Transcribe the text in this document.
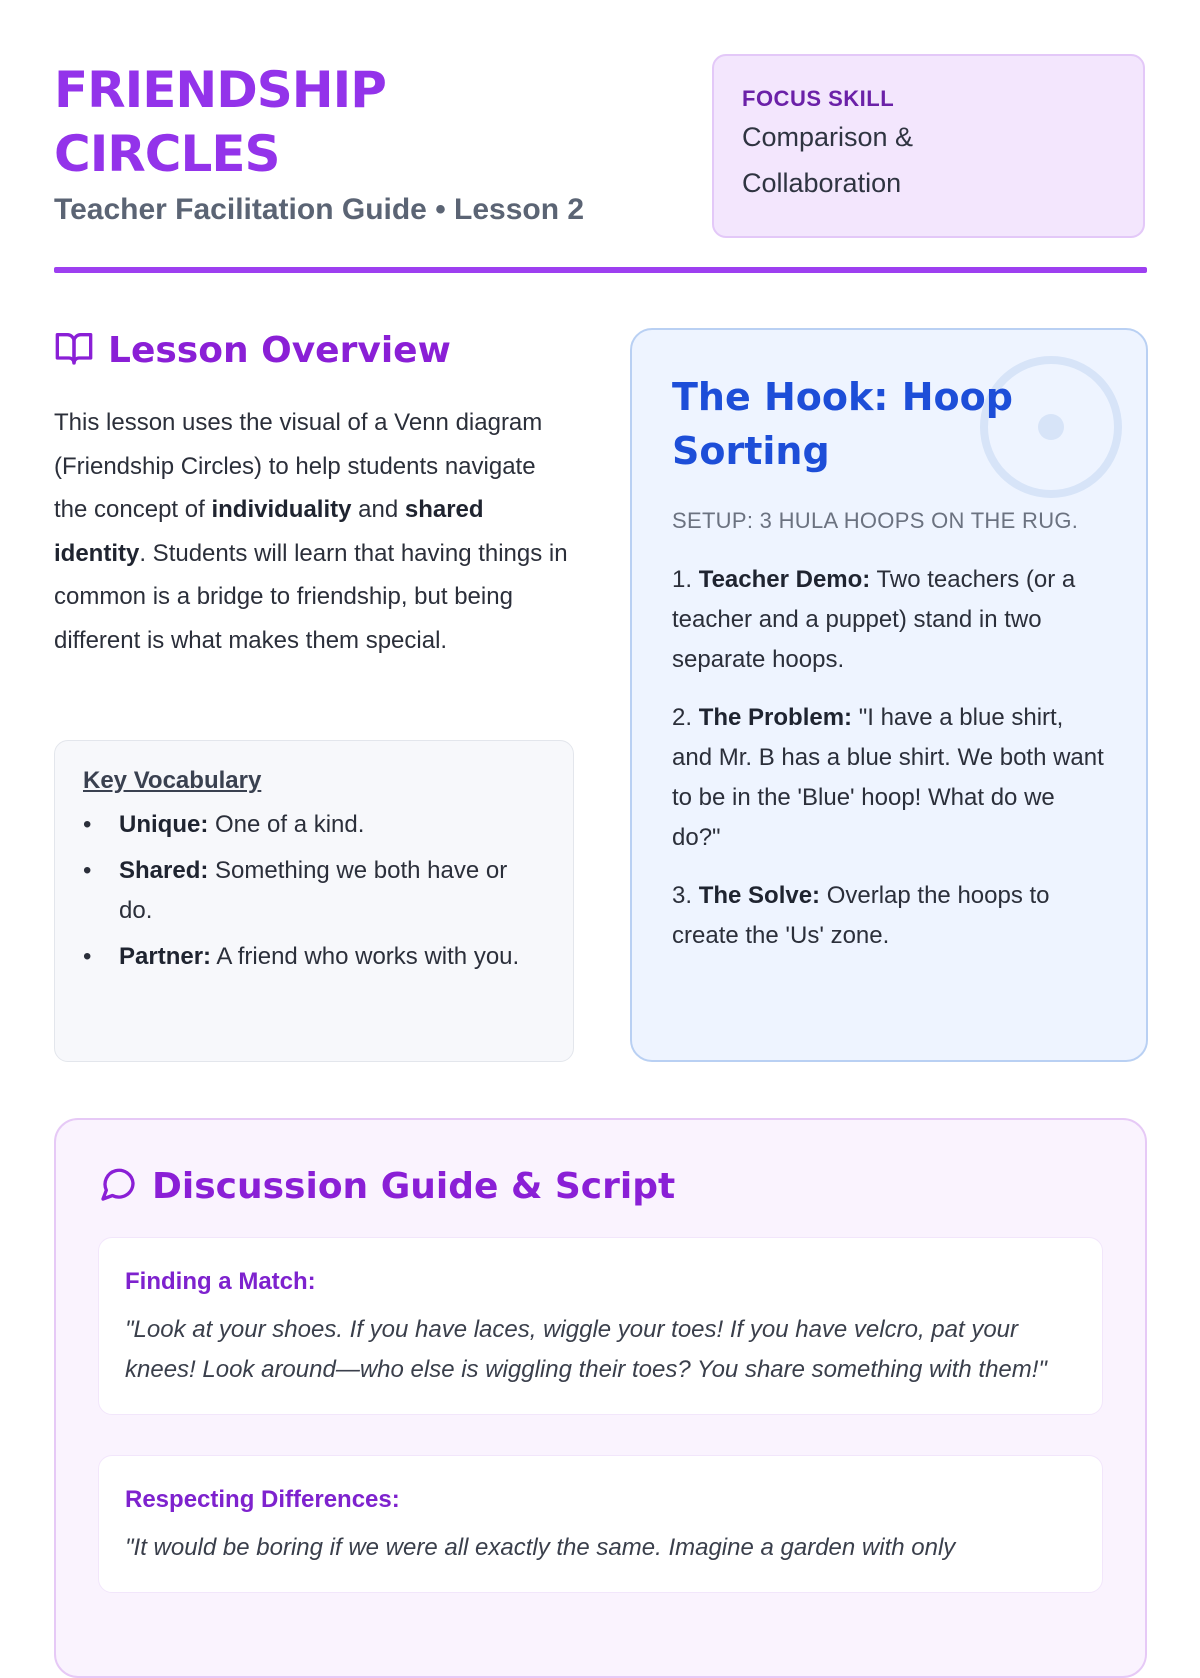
FRIENDSHIP CIRCLES
Teacher Facilitation Guide • Lesson 2
FOCUS SKILL
Comparison & Collaboration
Lesson Overview
This lesson uses the visual of a Venn diagram (Friendship Circles) to help students navigate the concept of individuality and shared identity. Students will learn that having things in common is a bridge to friendship, but being different is what makes them special.
Key Vocabulary
• Unique: One of a kind.
• Shared: Something we both have or do.
• Partner: A friend who works with you.
The Hook: Hoop Sorting
SETUP: 3 HULA HOOPS ON THE RUG.
1. Teacher Demo: Two teachers (or a teacher and a puppet) stand in two separate hoops.
2. The Problem: "I have a blue shirt, and Mr. B has a blue shirt. We both want to be in the 'Blue' hoop! What do we do?"
3. The Solve: Overlap the hoops to create the 'Us' zone.
Discussion Guide & Script
Finding a Match:
"Look at your shoes. If you have laces, wiggle your toes! If you have velcro, pat your knees! Look around—who else is wiggling their toes? You share something with them!"
Respecting Differences:
"It would be boring if we were all exactly the same. Imagine a garden with only
